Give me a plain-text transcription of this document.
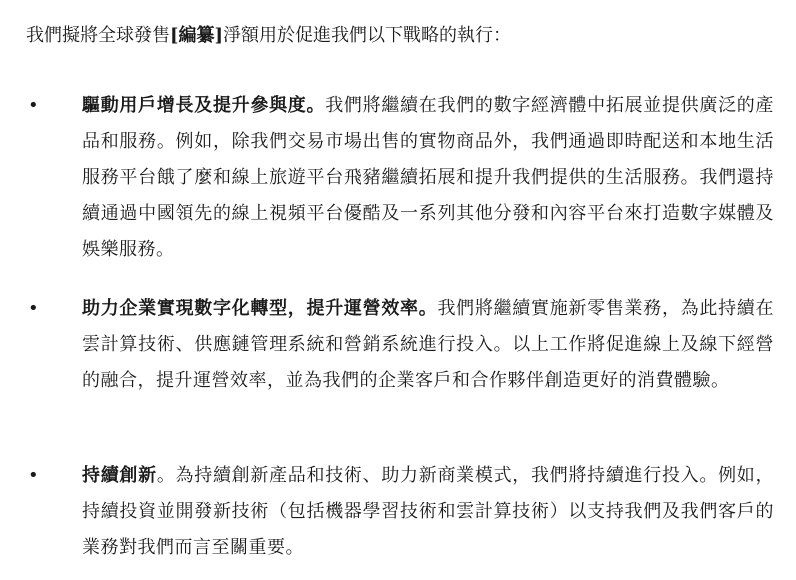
我們擬將全球發售[編纂]淨額用於促進我們以下戰略的執行：

• 驅動用戶增長及提升參與度。我們將繼續在我們的數字經濟體中拓展並提供廣泛的產品和服務。例如，除我們交易市場出售的實物商品外，我們通過即時配送和本地生活服務平台餓了麼和線上旅遊平台飛豬繼續拓展和提升我們提供的生活服務。我們還持續通過中國領先的線上視頻平台優酷及一系列其他分發和內容平台來打造數字媒體及娛樂服務。

• 助力企業實現數字化轉型，提升運營效率。我們將繼續實施新零售業務，為此持續在雲計算技術、供應鏈管理系統和營銷系統進行投入。以上工作將促進線上及線下經營的融合，提升運營效率，並為我們的企業客戶和合作夥伴創造更好的消費體驗。

• 持續創新。為持續創新產品和技術、助力新商業模式，我們將持續進行投入。例如，持續投資並開發新技術（包括機器學習技術和雲計算技術）以支持我們及我們客戶的業務對我們而言至關重要。
